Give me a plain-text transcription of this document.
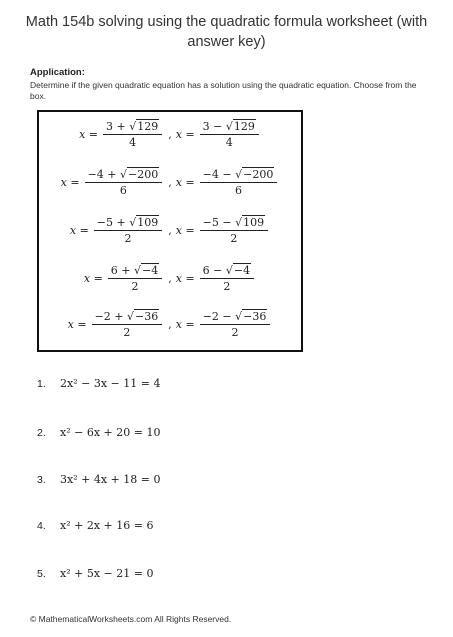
Math 154b solving using the quadratic formula worksheet (with answer key)
Application:
Determine if the given quadratic equation has a solution using the quadratic equation. Choose from the box.
$x = \frac{3 + √129}{4}$ , $x = \frac{3 - √129}{4}$
$x = \frac{-4 + √-200}{6}$ , $x = \frac{-4 - √-200}{6}$
$x = \frac{-5 + √109}{2}$ , $x = \frac{-5 - √109}{2}$
$x = \frac{6 + √-4}{2}$ , $x = \frac{6 - √-4}{2}$
$x = \frac{-2 + √-36}{2}$ , $x = \frac{-2 - √-36}{2}$
1.	2x² − 3x − 11 = 4
2.	x² − 6x + 20 = 10
3.	3x² + 4x + 18 = 0
4.	x² + 2x + 16 = 6
5.	x² + 5x − 21 = 0
© MathematicalWorksheets.com All Rights Reserved.
